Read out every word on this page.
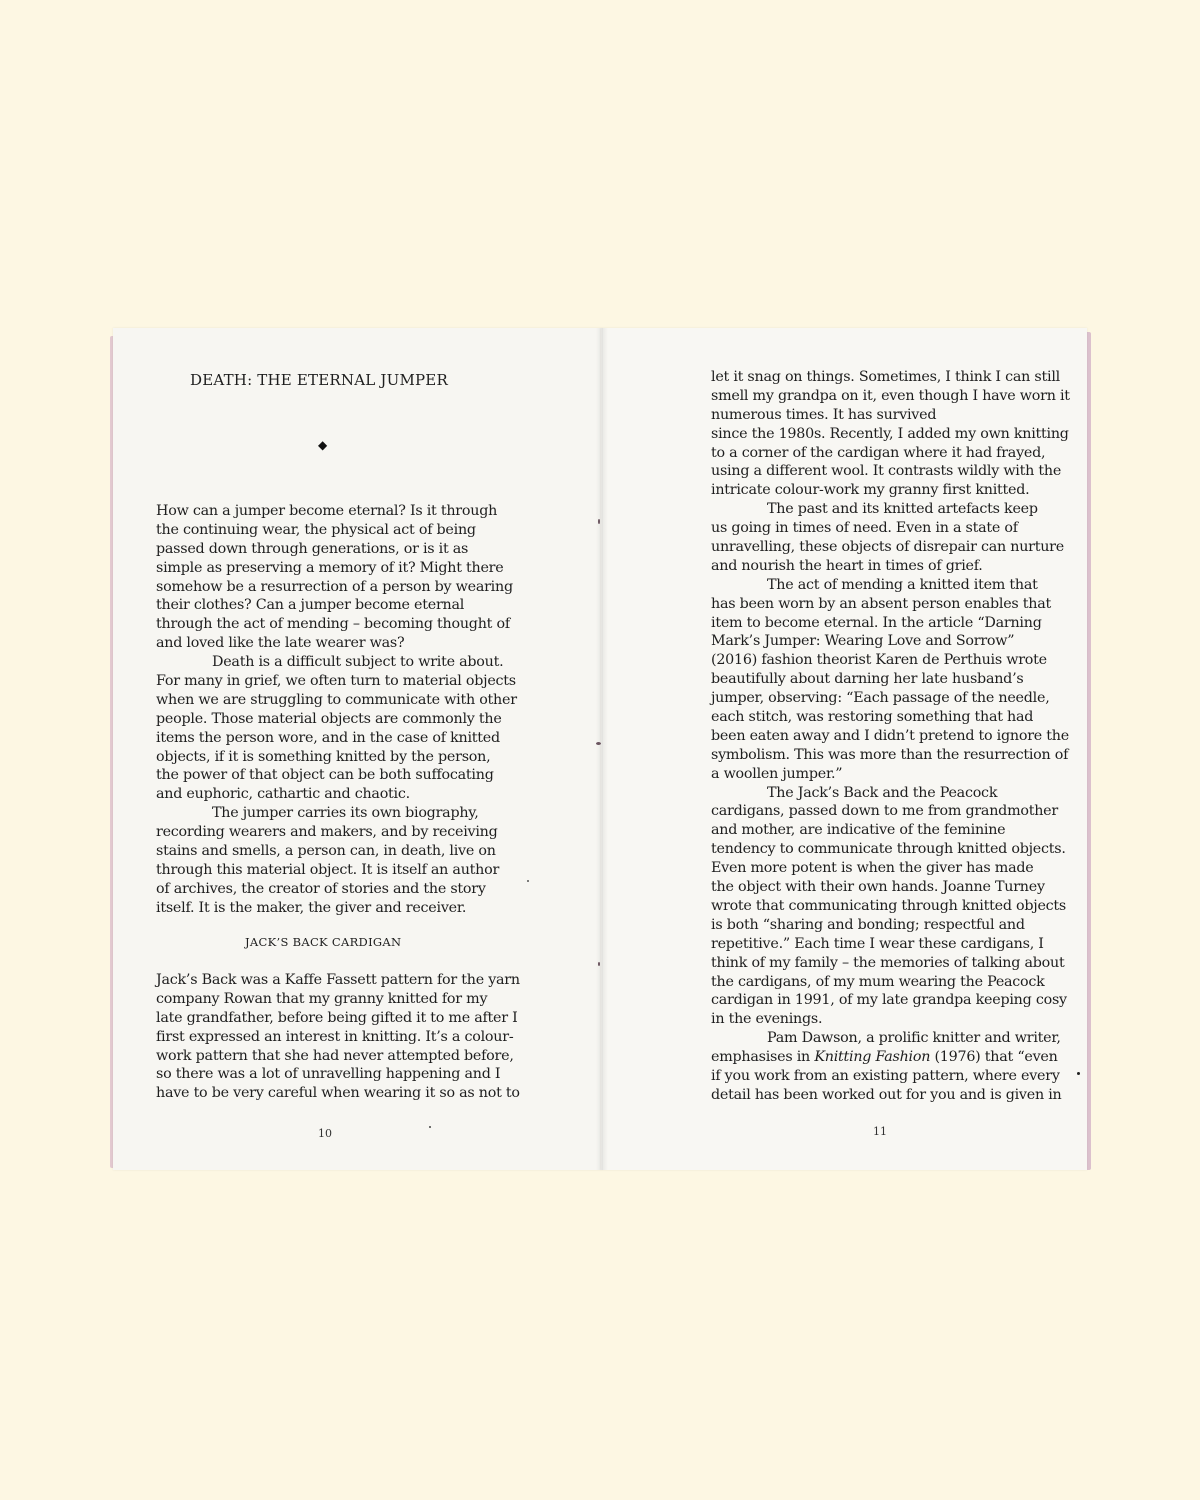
DEATH: THE ETERNAL JUMPER
◆
How can a jumper become eternal? Is it through
the continuing wear, the physical act of being
passed down through generations, or is it as
simple as preserving a memory of it? Might there
somehow be a resurrection of a person by wearing
their clothes? Can a jumper become eternal
through the act of mending – becoming thought of
and loved like the late wearer was?
Death is a difficult subject to write about.
For many in grief, we often turn to material objects
when we are struggling to communicate with other
people. Those material objects are commonly the
items the person wore, and in the case of knitted
objects, if it is something knitted by the person,
the power of that object can be both suffocating
and euphoric, cathartic and chaotic.
The jumper carries its own biography,
recording wearers and makers, and by receiving
stains and smells, a person can, in death, live on
through this material object. It is itself an author
of archives, the creator of stories and the story
itself. It is the maker, the giver and receiver.
JACK’S BACK CARDIGAN
Jack’s Back was a Kaffe Fassett pattern for the yarn
company Rowan that my granny knitted for my
late grandfather, before being gifted it to me after I
first expressed an interest in knitting. It’s a colour-
work pattern that she had never attempted before,
so there was a lot of unravelling happening and I
have to be very careful when wearing it so as not to
10
let it snag on things. Sometimes, I think I can still
smell my grandpa on it, even though I have worn it
numerous times. It has survived
since the 1980s. Recently, I added my own knitting
to a corner of the cardigan where it had frayed,
using a different wool. It contrasts wildly with the
intricate colour-work my granny first knitted.
The past and its knitted artefacts keep
us going in times of need. Even in a state of
unravelling, these objects of disrepair can nurture
and nourish the heart in times of grief.
The act of mending a knitted item that
has been worn by an absent person enables that
item to become eternal. In the article “Darning
Mark’s Jumper: Wearing Love and Sorrow”
(2016) fashion theorist Karen de Perthuis wrote
beautifully about darning her late husband’s
jumper, observing: “Each passage of the needle,
each stitch, was restoring something that had
been eaten away and I didn’t pretend to ignore the
symbolism. This was more than the resurrection of
a woollen jumper.”
The Jack’s Back and the Peacock
cardigans, passed down to me from grandmother
and mother, are indicative of the feminine
tendency to communicate through knitted objects.
Even more potent is when the giver has made
the object with their own hands. Joanne Turney
wrote that communicating through knitted objects
is both “sharing and bonding; respectful and
repetitive.” Each time I wear these cardigans, I
think of my family – the memories of talking about
the cardigans, of my mum wearing the Peacock
cardigan in 1991, of my late grandpa keeping cosy
in the evenings.
Pam Dawson, a prolific knitter and writer,
emphasises in Knitting Fashion (1976) that “even
if you work from an existing pattern, where every
detail has been worked out for you and is given in
11
